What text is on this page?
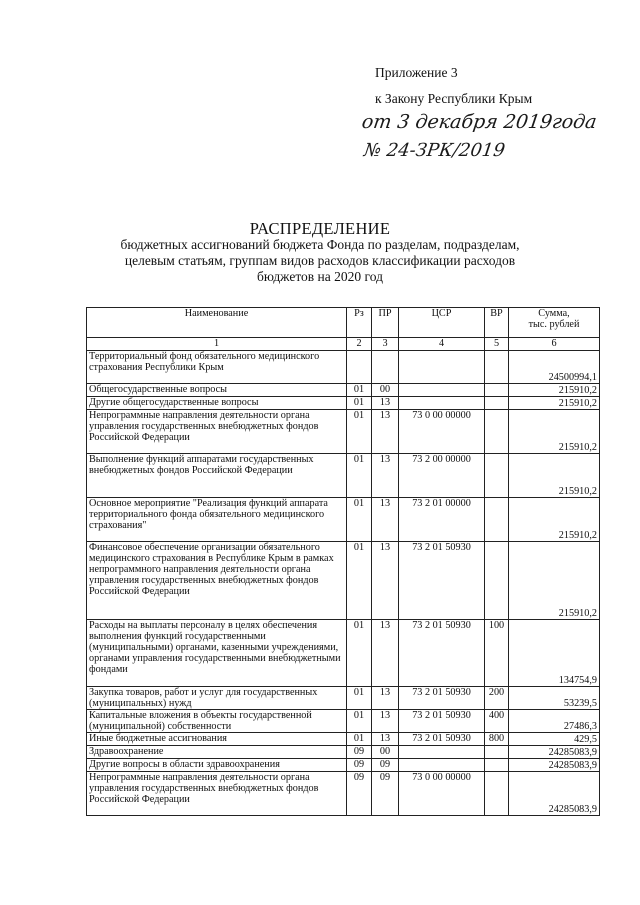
Приложение 3
к Закону Республики Крым
от 3 декабря 2019года
№ 24-ЗРК/2019
РАСПРЕДЕЛЕНИЕ
бюджетных ассигнований бюджета Фонда по разделам, подразделам,
целевым статьям, группам видов расходов классификации расходов
бюджетов на 2020 год
Наименование	Рз	ПР	ЦСР	ВР	Сумма,
тыс. рублей
1	2	3	4	5	6
Территориальный фонд обязательного медицинского страхования Республики Крым					24500994,1
Общегосударственные вопросы	01	00			215910,2
Другие общегосударственные вопросы	01	13			215910,2
Непрограммные направления деятельности органа управления государственных внебюджетных фондов Российской Федерации	01	13	73 0 00 00000		215910,2
Выполнение функций аппаратами государственных внебюджетных фондов Российской Федерации	01	13	73 2 00 00000		215910,2
Основное мероприятие "Реализация функций аппарата территориального фонда обязательного медицинского страхования"	01	13	73 2 01 00000		215910,2
Финансовое обеспечение организации обязательного медицинского страхования в Республике Крым в рамках непрограммного направления деятельности органа управления государственных внебюджетных фондов Российской Федерации	01	13	73 2 01 50930		215910,2
Расходы на выплаты персоналу в целях обеспечения выполнения функций государственными (муниципальными) органами, казенными учреждениями, органами управления государственными внебюджетными фондами	01	13	73 2 01 50930	100	134754,9
Закупка товаров, работ и услуг для государственных (муниципальных) нужд	01	13	73 2 01 50930	200	53239,5
Капитальные вложения в объекты государственной (муниципальной) собственности	01	13	73 2 01 50930	400	27486,3
Иные бюджетные ассигнования	01	13	73 2 01 50930	800	429,5
Здравоохранение	09	00			24285083,9
Другие вопросы в области здравоохранения	09	09			24285083,9
Непрограммные направления деятельности органа управления государственных внебюджетных фондов Российской Федерации	09	09	73 0 00 00000		24285083,9
